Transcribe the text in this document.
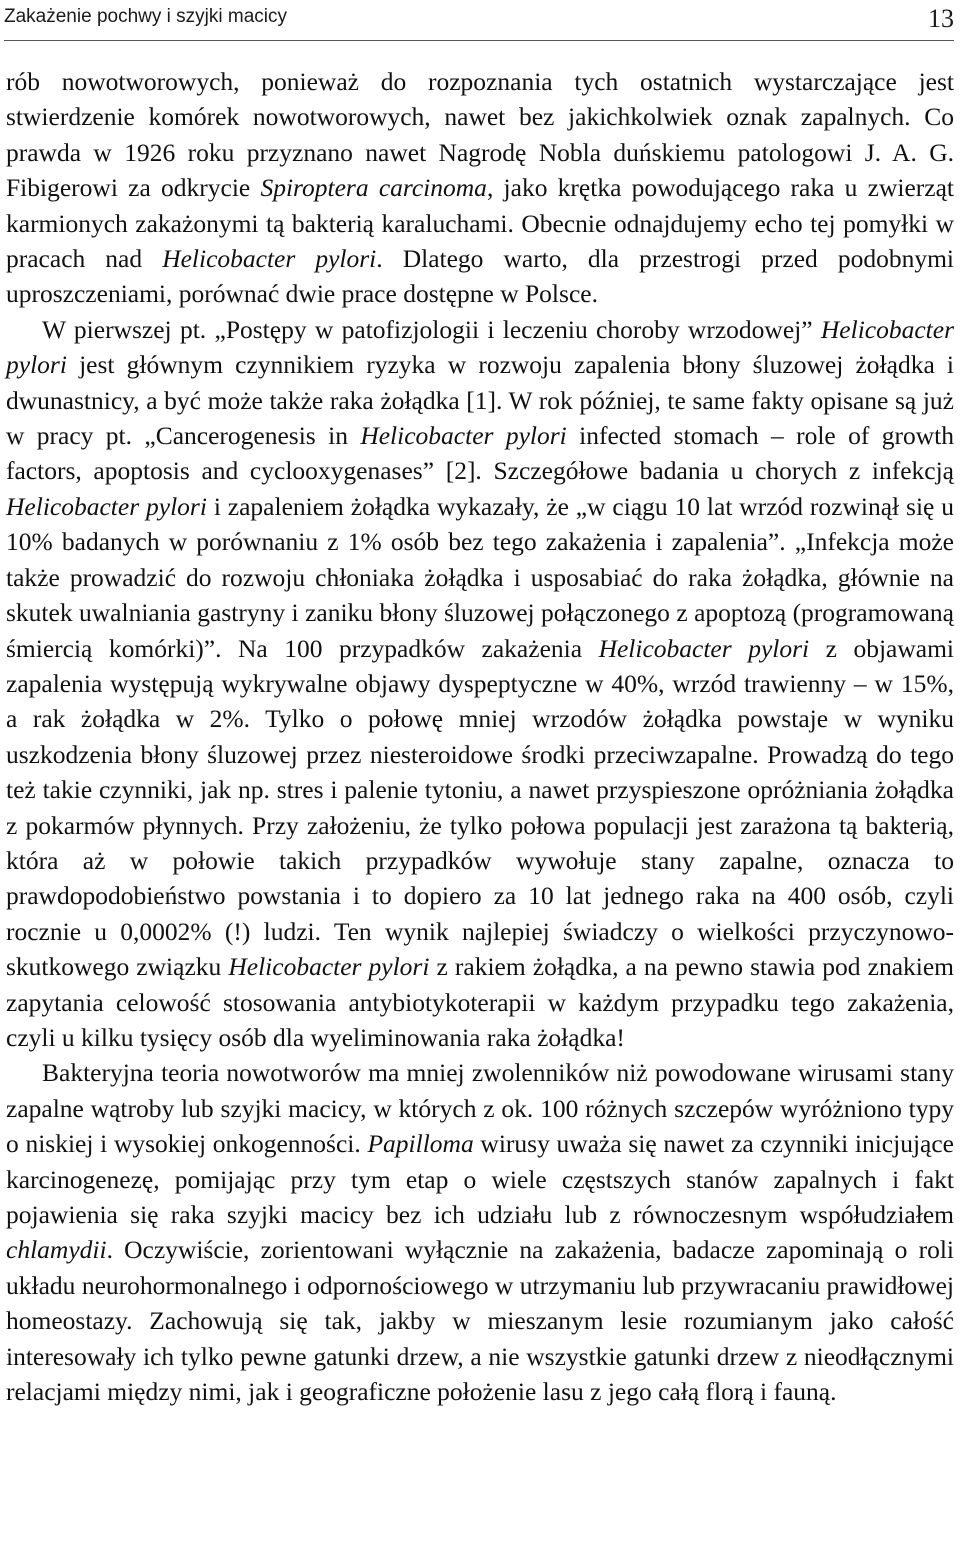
Zakażenie pochwy i szyjki macicy	13

rób nowotworowych, ponieważ do rozpoznania tych ostatnich wystarczające jest stwierdzenie komórek nowotworowych, nawet bez jakichkolwiek oznak zapalnych. Co prawda w 1926 roku przyznano nawet Nagrodę Nobla duńskiemu patologowi J. A. G. Fibigerowi za odkrycie Spiroptera carcinoma, jako krętka powodującego raka u zwierząt karmionych zakażonymi tą bakterią karaluchami. Obecnie odnajdujemy echo tej pomyłki w pracach nad Helicobacter pylori. Dlatego warto, dla przestrogi przed podobnymi uproszczeniami, porównać dwie prace dostępne w Polsce.

W pierwszej pt. „Postępy w patofizjologii i leczeniu choroby wrzodowej” Helicobacter pylori jest głównym czynnikiem ryzyka w rozwoju zapalenia błony śluzowej żołądka i dwunastnicy, a być może także raka żołądka [1]. W rok później, te same fakty opisane są już w pracy pt. „Cancerogenesis in Helicobacter pylori infected stomach – role of growth factors, apoptosis and cyclooxygenases” [2]. Szczegółowe badania u chorych z infekcją Helicobacter pylori i zapaleniem żołądka wykazały, że „w ciągu 10 lat wrzód rozwinął się u 10% badanych w porównaniu z 1% osób bez tego zakażenia i zapalenia”. „Infekcja może także prowadzić do rozwoju chłoniaka żołądka i usposabiać do raka żołądka, głównie na skutek uwalniania gastryny i zaniku błony śluzowej połączonego z apoptozą (programowaną śmiercią komórki)”. Na 100 przypadków zakażenia Helicobacter pylori z objawami zapalenia występują wykrywalne objawy dyspeptyczne w 40%, wrzód trawienny – w 15%, a rak żołądka w 2%. Tylko o połowę mniej wrzodów żołądka powstaje w wyniku uszkodzenia błony śluzowej przez niesteroidowe środki przeciwzapalne. Prowadzą do tego też takie czynniki, jak np. stres i palenie tytoniu, a nawet przyspieszone opróżniania żołądka z pokarmów płynnych. Przy założeniu, że tylko połowa populacji jest zarażona tą bakterią, która aż w połowie takich przypadków wywołuje stany zapalne, oznacza to prawdopodobieństwo powstania i to dopiero za 10 lat jednego raka na 400 osób, czyli rocznie u 0,0002% (!) ludzi. Ten wynik najlepiej świadczy o wielkości przyczynowo-skutkowego związku Helicobacter pylori z rakiem żołądka, a na pewno stawia pod znakiem zapytania celowość stosowania antybiotykoterapii w każdym przypadku tego zakażenia, czyli u kilku tysięcy osób dla wyeliminowania raka żołądka!

Bakteryjna teoria nowotworów ma mniej zwolenników niż powodowane wirusami stany zapalne wątroby lub szyjki macicy, w których z ok. 100 różnych szczepów wyróżniono typy o niskiej i wysokiej onkogenności. Papilloma wirusy uważa się nawet za czynniki inicjujące karcinogenezę, pomijając przy tym etap o wiele częstszych stanów zapalnych i fakt pojawienia się raka szyjki macicy bez ich udziału lub z równoczesnym współudziałem chlamydii. Oczywiście, zorientowani wyłącznie na zakażenia, badacze zapominają o roli układu neurohormonalnego i odpornościowego w utrzymaniu lub przywracaniu prawidłowej homeostazy. Zachowują się tak, jakby w mieszanym lesie rozumianym jako całość interesowały ich tylko pewne gatunki drzew, a nie wszystkie gatunki drzew z nieodłącznymi relacjami między nimi, jak i geograficzne położenie lasu z jego całą florą i fauną.
